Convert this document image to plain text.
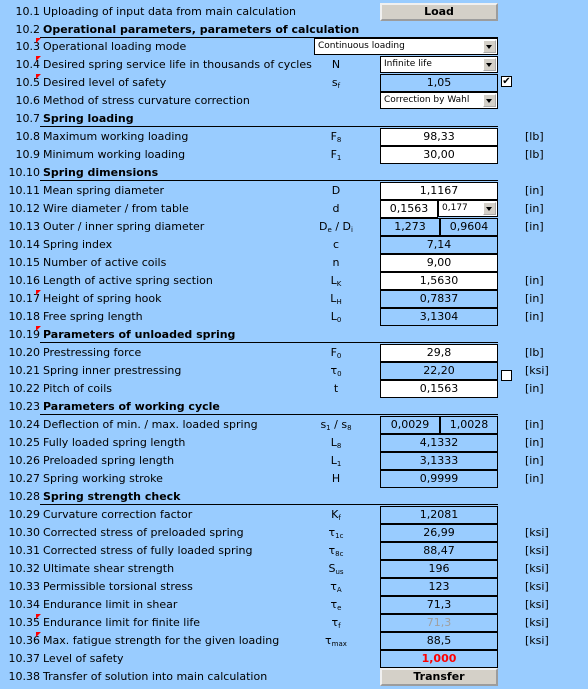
10.1 Uploading of input data from main calculation	Load
10.2 Operational parameters, parameters of calculation
10.3 Operational loading mode	Continuous loading
10.4 Desired spring service life in thousands of cycles	N	Infinite life
10.5 Desired level of safety	$s_f$	1,05	✔
10.6 Method of stress curvature correction	Correction by Wahl
10.7 Spring loading
10.8 Maximum working loading	$F_8$	98,33	[lb]
10.9 Minimum working loading	$F_1$	30,00	[lb]
10.10 Spring dimensions
10.11 Mean spring diameter	D	1,1167	[in]
10.12 Wire diameter / from table	d	0,1563	0,177	[in]
10.13 Outer / inner spring diameter	$D_e / D_i$	1,273	0,9604	[in]
10.14 Spring index	c	7,14
10.15 Number of active coils	n	9,00
10.16 Length of active spring section	$L_K$	1,5630	[in]
10.17 Height of spring hook	$L_H$	0,7837	[in]
10.18 Free spring length	$L_0$	3,1304	[in]
10.19 Parameters of unloaded spring
10.20 Prestressing force	$F_0$	29,8	[lb]
10.21 Spring inner prestressing	$\tau_0$	22,20	[ksi]
10.22 Pitch of coils	t	0,1563	[in]
10.23 Parameters of working cycle
10.24 Deflection of min. / max. loaded spring	$s_1 / s_8$	0,0029	1,0028	[in]
10.25 Fully loaded spring length	$L_8$	4,1332	[in]
10.26 Preloaded spring length	$L_1$	3,1333	[in]
10.27 Spring working stroke	H	0,9999	[in]
10.28 Spring strength check
10.29 Curvature correction factor	$K_f$	1,2081
10.30 Corrected stress of preloaded spring	$\tau_{1c}$	26,99	[ksi]
10.31 Corrected stress of fully loaded spring	$\tau_{8c}$	88,47	[ksi]
10.32 Ultimate shear strength	$S_{us}$	196	[ksi]
10.33 Permissible torsional stress	$\tau_A$	123	[ksi]
10.34 Endurance limit in shear	$\tau_e$	71,3	[ksi]
10.35 Endurance limit for finite life	$\tau_f$	71,3	[ksi]
10.36 Max. fatigue strength for the given loading	$\tau_{max}$	88,5	[ksi]
10.37 Level of safety	1,000
10.38 Transfer of solution into main calculation	Transfer
